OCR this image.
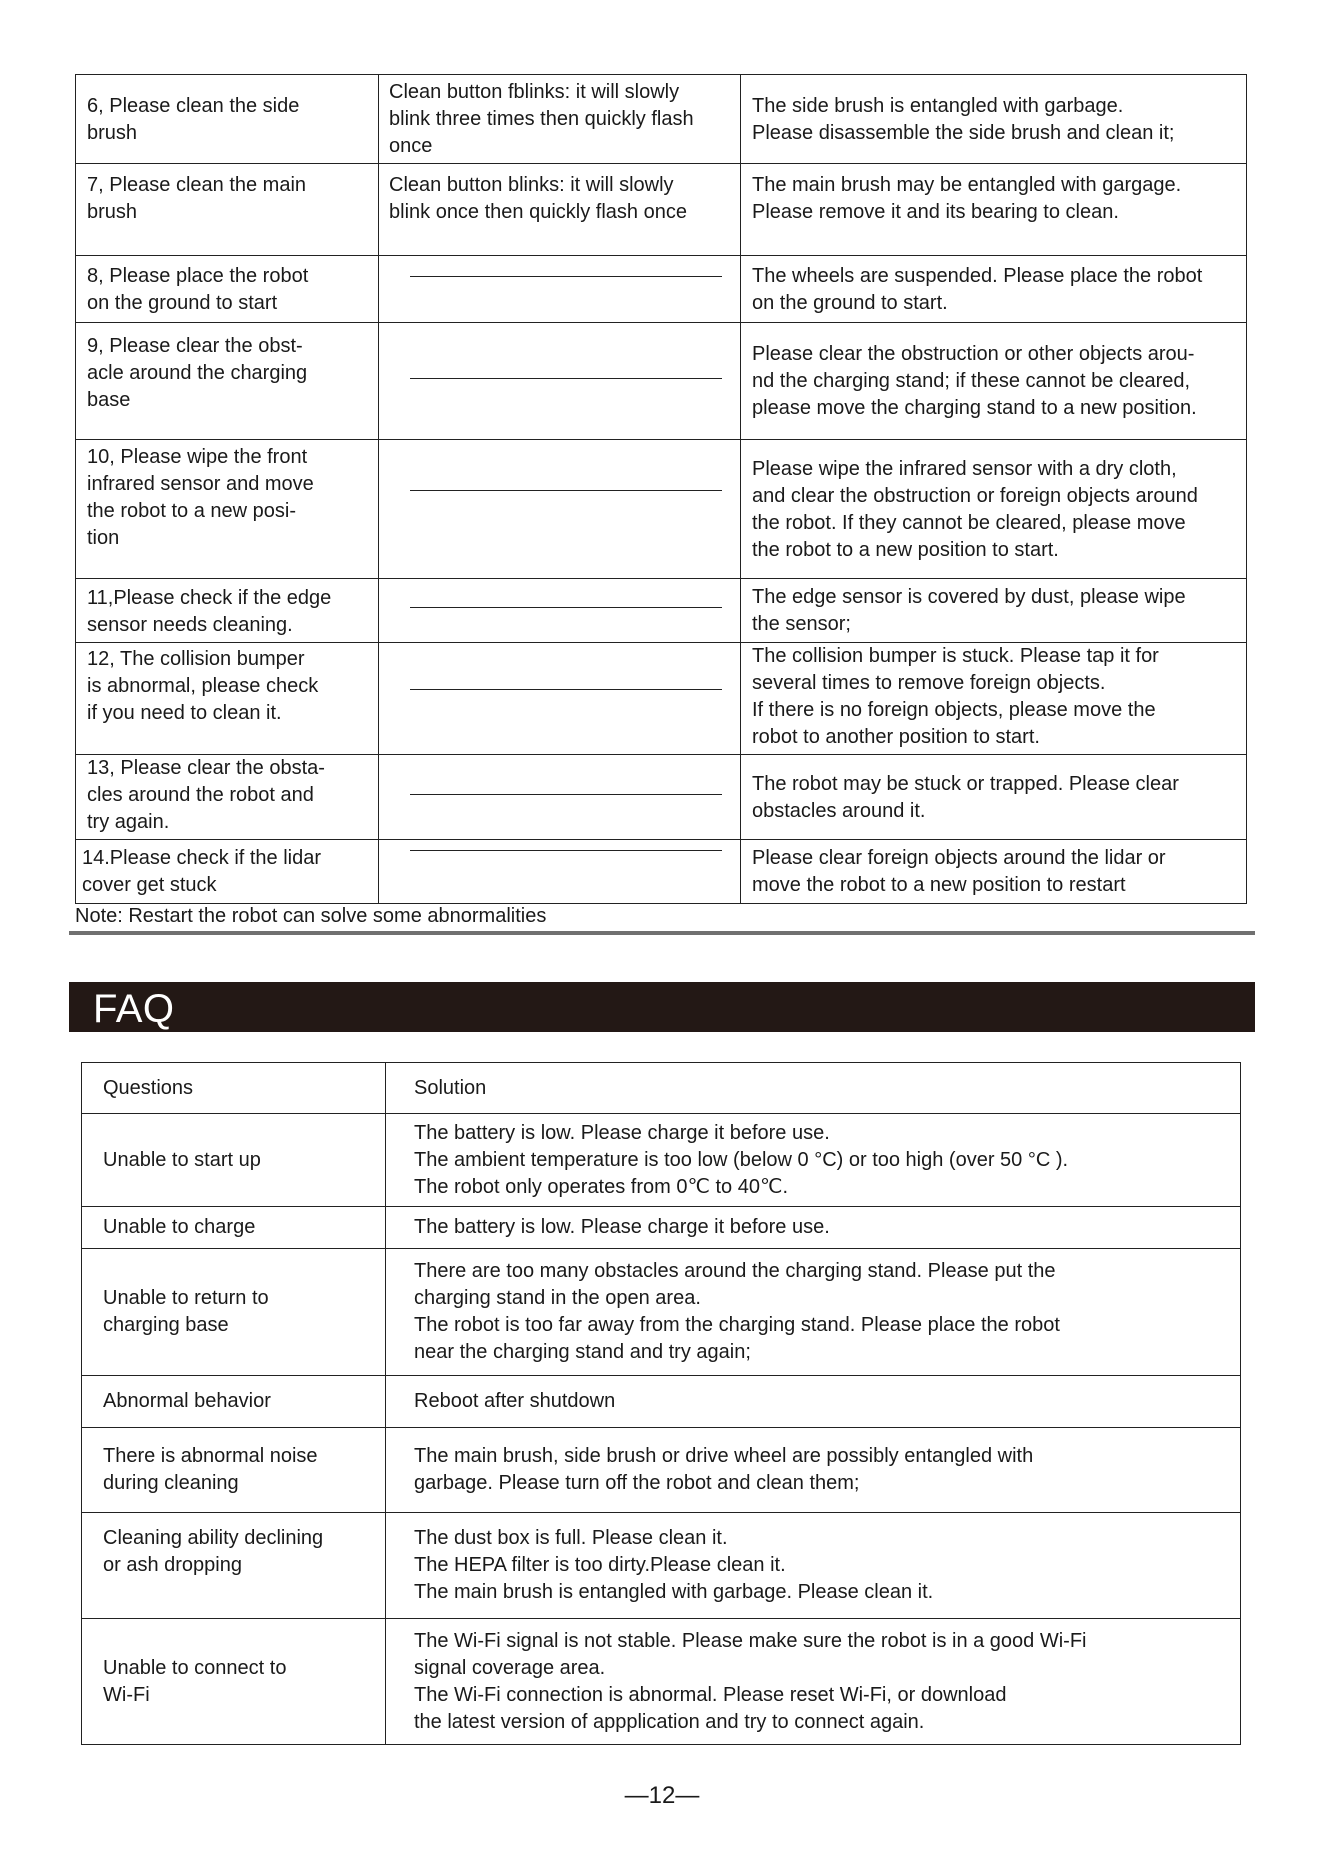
6, Please clean the side
brush	Clean button fblinks: it will slowly
blink three times then quickly flash
once	The side brush is entangled with garbage.
Please disassemble the side brush and clean it;
7, Please clean the main
brush	Clean button blinks: it will slowly
blink once then quickly flash once	The main brush may be entangled with gargage.
Please remove it and its bearing to clean.
8, Please place the robot
on the ground to start		The wheels are suspended. Please place the robot
on the ground to start.
9, Please clear the obst-
acle around the charging
base		Please clear the obstruction or other objects arou-
nd the charging stand; if these cannot be cleared,
please move the charging stand to a new position.
10, Please wipe the front
infrared sensor and move
the robot to a new posi-
tion		Please wipe the infrared sensor with a dry cloth,
and clear the obstruction or foreign objects around
the robot. If they cannot be cleared, please move
the robot to a new position to start.
11,Please check if the edge
sensor needs cleaning.		The edge sensor is covered by dust, please wipe
the sensor;
12, The collision bumper
is abnormal, please check
if you need to clean it.		The collision bumper is stuck. Please tap it for
several times to remove foreign objects.
If there is no foreign objects, please move the
robot to another position to start.
13, Please clear the obsta-
cles around the robot and
try again.		The robot may be stuck or trapped. Please clear
obstacles around it.
14.Please check if the lidar
cover get stuck		Please clear foreign objects around the lidar or
move the robot to a new position to restart
Note: Restart the robot can solve some abnormalities
FAQ
Questions	Solution
Unable to start up	The battery is low. Please charge it before use.
The ambient temperature is too low (below 0 °C) or too high (over 50 °C ).
The robot only operates from 0℃ to 40℃.
Unable to charge	The battery is low. Please charge it before use.
Unable to return to
charging base	There are too many obstacles around the charging stand. Please put the
charging stand in the open area.
The robot is too far away from the charging stand. Please place the robot
near the charging stand and try again;
Abnormal behavior	Reboot after shutdown
There is abnormal noise
during cleaning	The main brush, side brush or drive wheel are possibly entangled with
garbage. Please turn off the robot and clean them;
Cleaning ability declining
or ash dropping	The dust box is full. Please clean it.
The HEPA filter is too dirty.Please clean it.
The main brush is entangled with garbage. Please clean it.
Unable to connect to
Wi-Fi	The Wi-Fi signal is not stable. Please make sure the robot is in a good Wi-Fi
signal coverage area.
The Wi-Fi connection is abnormal. Please reset Wi-Fi, or download
the latest version of appplication and try to connect again.
—12—
